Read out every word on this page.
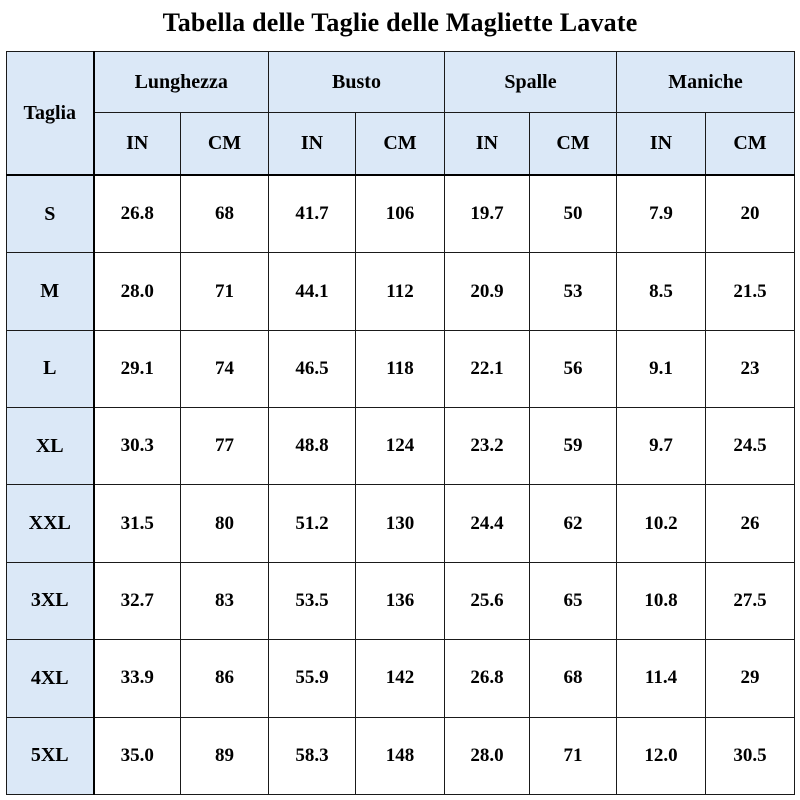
Tabella delle Taglie delle Magliette Lavate
Taglia	Lunghezza		Busto		Spalle		Maniche	
	IN	CM	IN	CM	IN	CM	IN	CM
S	26.8	68	41.7	106	19.7	50	7.9	20
M	28.0	71	44.1	112	20.9	53	8.5	21.5
L	29.1	74	46.5	118	22.1	56	9.1	23
XL	30.3	77	48.8	124	23.2	59	9.7	24.5
XXL	31.5	80	51.2	130	24.4	62	10.2	26
3XL	32.7	83	53.5	136	25.6	65	10.8	27.5
4XL	33.9	86	55.9	142	26.8	68	11.4	29
5XL	35.0	89	58.3	148	28.0	71	12.0	30.5
